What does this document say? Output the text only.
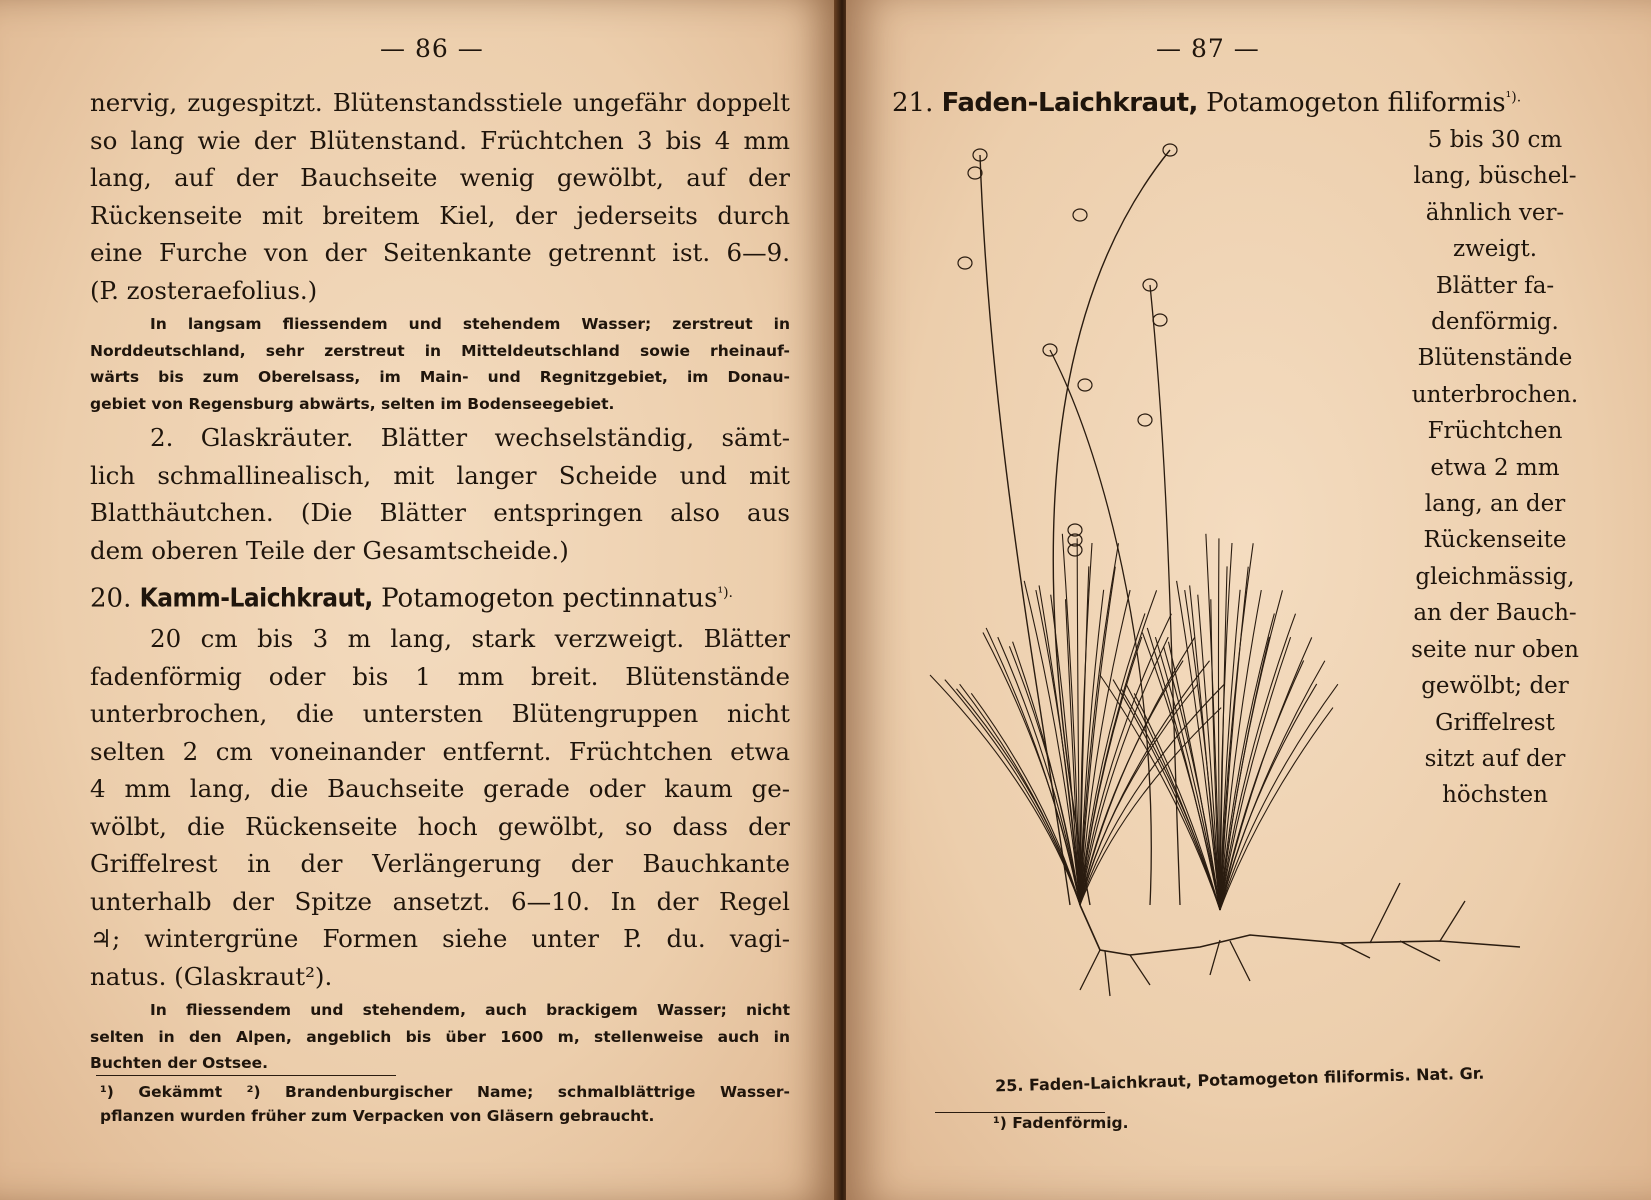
— 86 —
nervig, zugespitzt. Blütenstandsstiele ungefähr doppelt
so lang wie der Blütenstand. Früchtchen 3 bis 4 mm
lang, auf der Bauchseite wenig gewölbt, auf der
Rückenseite mit breitem Kiel, der jederseits durch
eine Furche von der Seitenkante getrennt ist. 6—9.
(P. zosteraefolius.)
In langsam fliessendem und stehendem Wasser; zerstreut in
Norddeutschland, sehr zerstreut in Mitteldeutschland sowie rheinauf-
wärts bis zum Oberelsass, im Main- und Regnitzgebiet, im Donau-
gebiet von Regensburg abwärts, selten im Bodenseegebiet.
2. Glaskräuter. Blätter wechselständig, sämt-
lich schmallinealisch, mit langer Scheide und mit
Blatthäutchen. (Die Blätter entspringen also aus
dem oberen Teile der Gesamtscheide.)
20. Kamm-Laichkraut, Potamogeton pectinnatus$^{^1).}$
20 cm bis 3 m lang, stark verzweigt. Blätter
fadenförmig oder bis 1 mm breit. Blütenstände
unterbrochen, die untersten Blütengruppen nicht
selten 2 cm voneinander entfernt. Früchtchen etwa
4 mm lang, die Bauchseite gerade oder kaum ge-
wölbt, die Rückenseite hoch gewölbt, so dass der
Griffelrest in der Verlängerung der Bauchkante
unterhalb der Spitze ansetzt. 6—10. In der Regel
♃; wintergrüne Formen siehe unter P. du. vagi-
natus. (Glaskraut²).
In fliessendem und stehendem, auch brackigem Wasser; nicht
selten in den Alpen, angeblich bis über 1600 m, stellenweise auch in
Buchten der Ostsee.
¹) Gekämmt ²) Brandenburgischer Name; schmalblättrige Wasser-
pflanzen wurden früher zum Verpacken von Gläsern gebraucht.
— 87 —
21. Faden-Laichkraut, Potamogeton filiformis$^{^1).}$
5 bis 30 cm
lang, büschel-
ähnlich ver-
zweigt.
Blätter fa-
denförmig.
Blütenstände
unterbrochen.
Früchtchen
etwa 2 mm
lang, an der
Rückenseite
gleichmässig,
an der Bauch-
seite nur oben
gewölbt; der
Griffelrest
sitzt auf der
höchsten
25. Faden-Laichkraut, Potamogeton filiformis. Nat. Gr.
¹) Fadenförmig.
